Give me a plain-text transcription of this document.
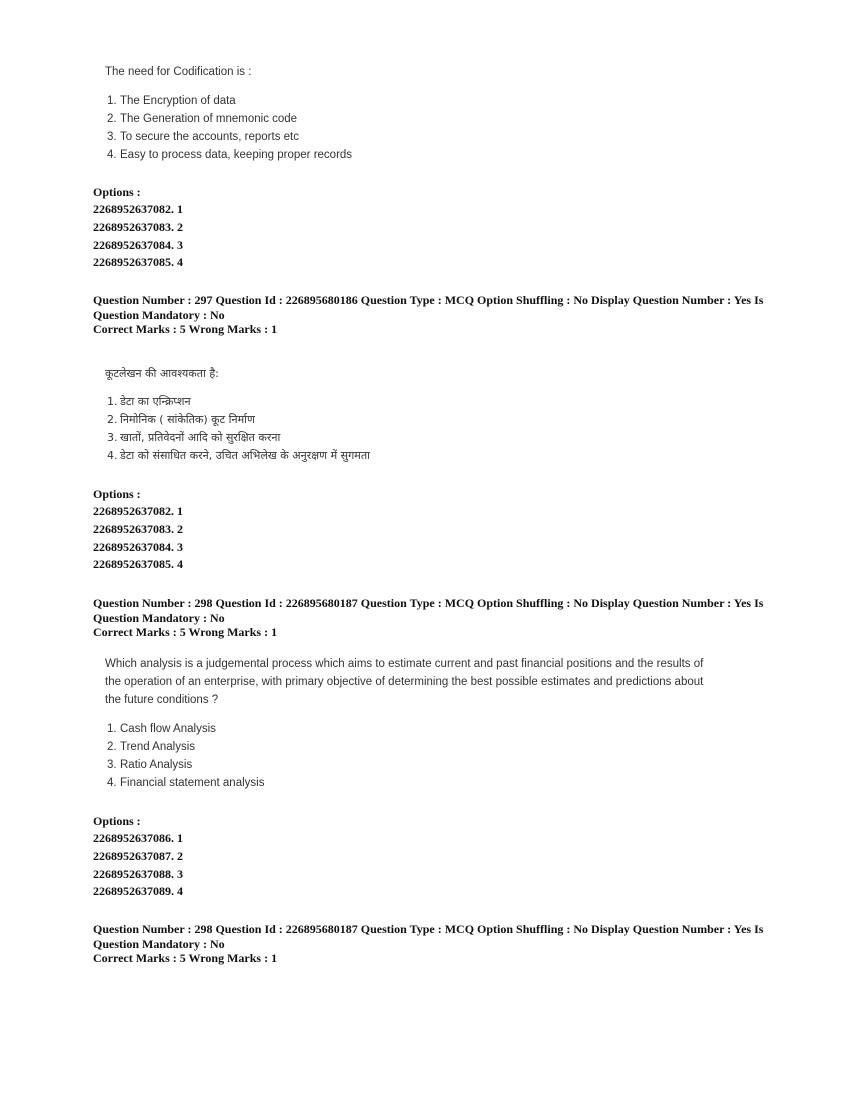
The need for Codification is :
1. The Encryption of data
2. The Generation of mnemonic code
3. To secure the accounts, reports etc
4. Easy to process data, keeping proper records
Options :
2268952637082. 1
2268952637083. 2
2268952637084. 3
2268952637085. 4
Question Number : 297 Question Id : 226895680186 Question Type : MCQ Option Shuffling : No Display Question Number : Yes Is
Question Mandatory : No
Correct Marks : 5 Wrong Marks : 1
कूटलेखन की आवश्यकता है:
1. डेटा का एन्क्रिप्शन
2. निमोनिक ( सांकेतिक) कूट निर्माण
3. खातों, प्रतिवेदनों आदि को सुरक्षित करना
4. डेटा को संसाधित करने, उचित अभिलेख के अनुरक्षण में सुगमता
Options :
2268952637082. 1
2268952637083. 2
2268952637084. 3
2268952637085. 4
Question Number : 298 Question Id : 226895680187 Question Type : MCQ Option Shuffling : No Display Question Number : Yes Is
Question Mandatory : No
Correct Marks : 5 Wrong Marks : 1
Which analysis is a judgemental process which aims to estimate current and past financial positions and the results of
the operation of an enterprise, with primary objective of determining the best possible estimates and predictions about
the future conditions ?
1. Cash flow Analysis
2. Trend Analysis
3. Ratio Analysis
4. Financial statement analysis
Options :
2268952637086. 1
2268952637087. 2
2268952637088. 3
2268952637089. 4
Question Number : 298 Question Id : 226895680187 Question Type : MCQ Option Shuffling : No Display Question Number : Yes Is
Question Mandatory : No
Correct Marks : 5 Wrong Marks : 1
